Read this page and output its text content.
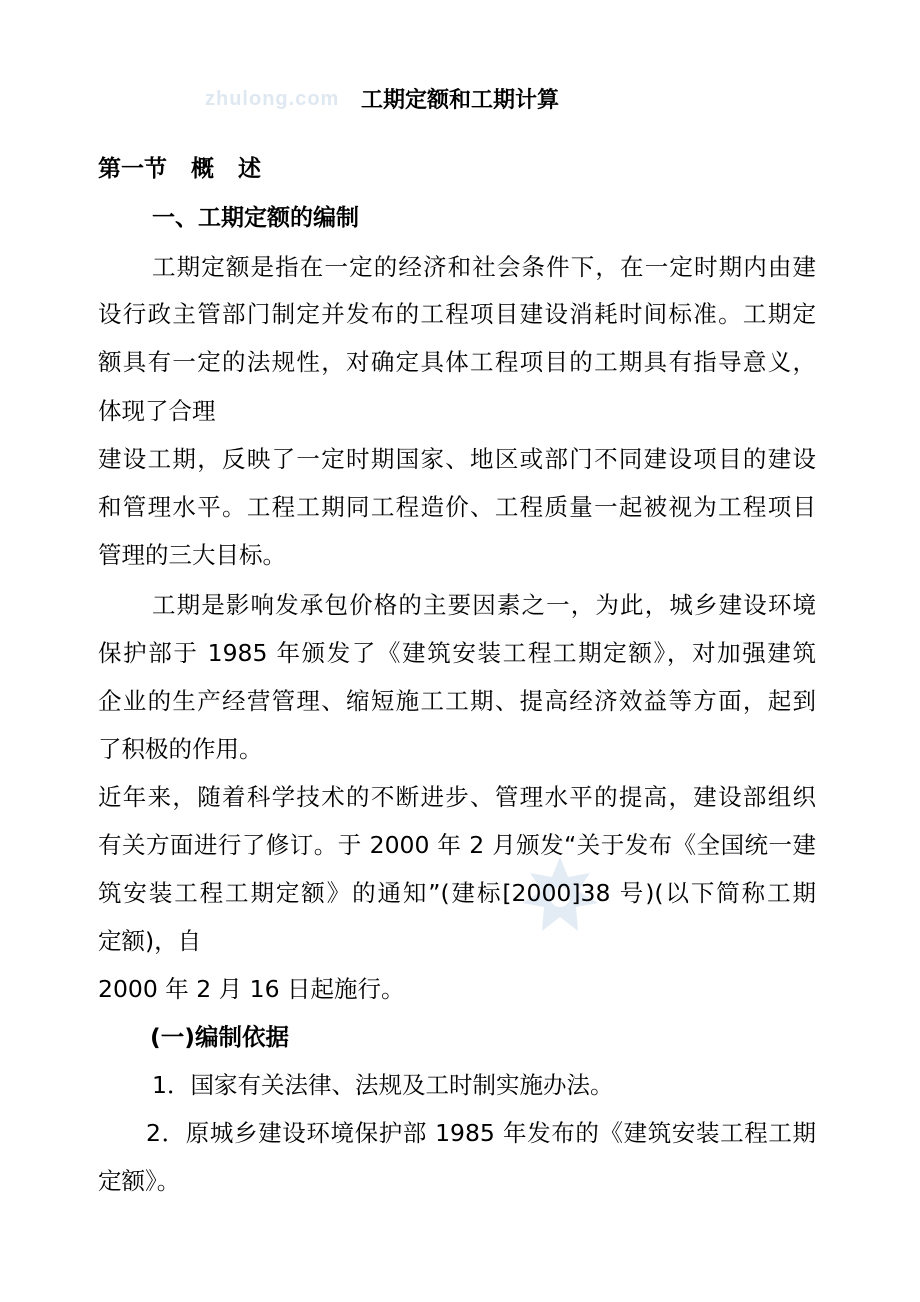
zhulong.com 工期定额和工期计算
第一节   概   述
一、工期定额的编制
工期定额是指在一定的经济和社会条件下，在一定时期内由建
设行政主管部门制定并发布的工程项目建设消耗时间标准。工期定
额具有一定的法规性，对确定具体工程项目的工期具有指导意义，
体现了合理
建设工期，反映了一定时期国家、地区或部门不同建设项目的建设
和管理水平。工程工期同工程造价、工程质量一起被视为工程项目
管理的三大目标。
工期是影响发承包价格的主要因素之一，为此，城乡建设环境
保护部于 1985 年颁发了《建筑安装工程工期定额》，对加强建筑
企业的生产经营管理、缩短施工工期、提高经济效益等方面，起到
了积极的作用。
近年来，随着科学技术的不断进步、管理水平的提高，建设部组织
有关方面进行了修订。于 2000 年 2 月颁发“关于发布《全国统一建
筑安装工程工期定额》的通知”(建标[2000]38 号)(以下简称工期
定额)，自
2000 年 2 月 16 日起施行。
(一)编制依据
1．国家有关法律、法规及工时制实施办法。
2．原城乡建设环境保护部 1985 年发布的《建筑安装工程工期
定额》。
